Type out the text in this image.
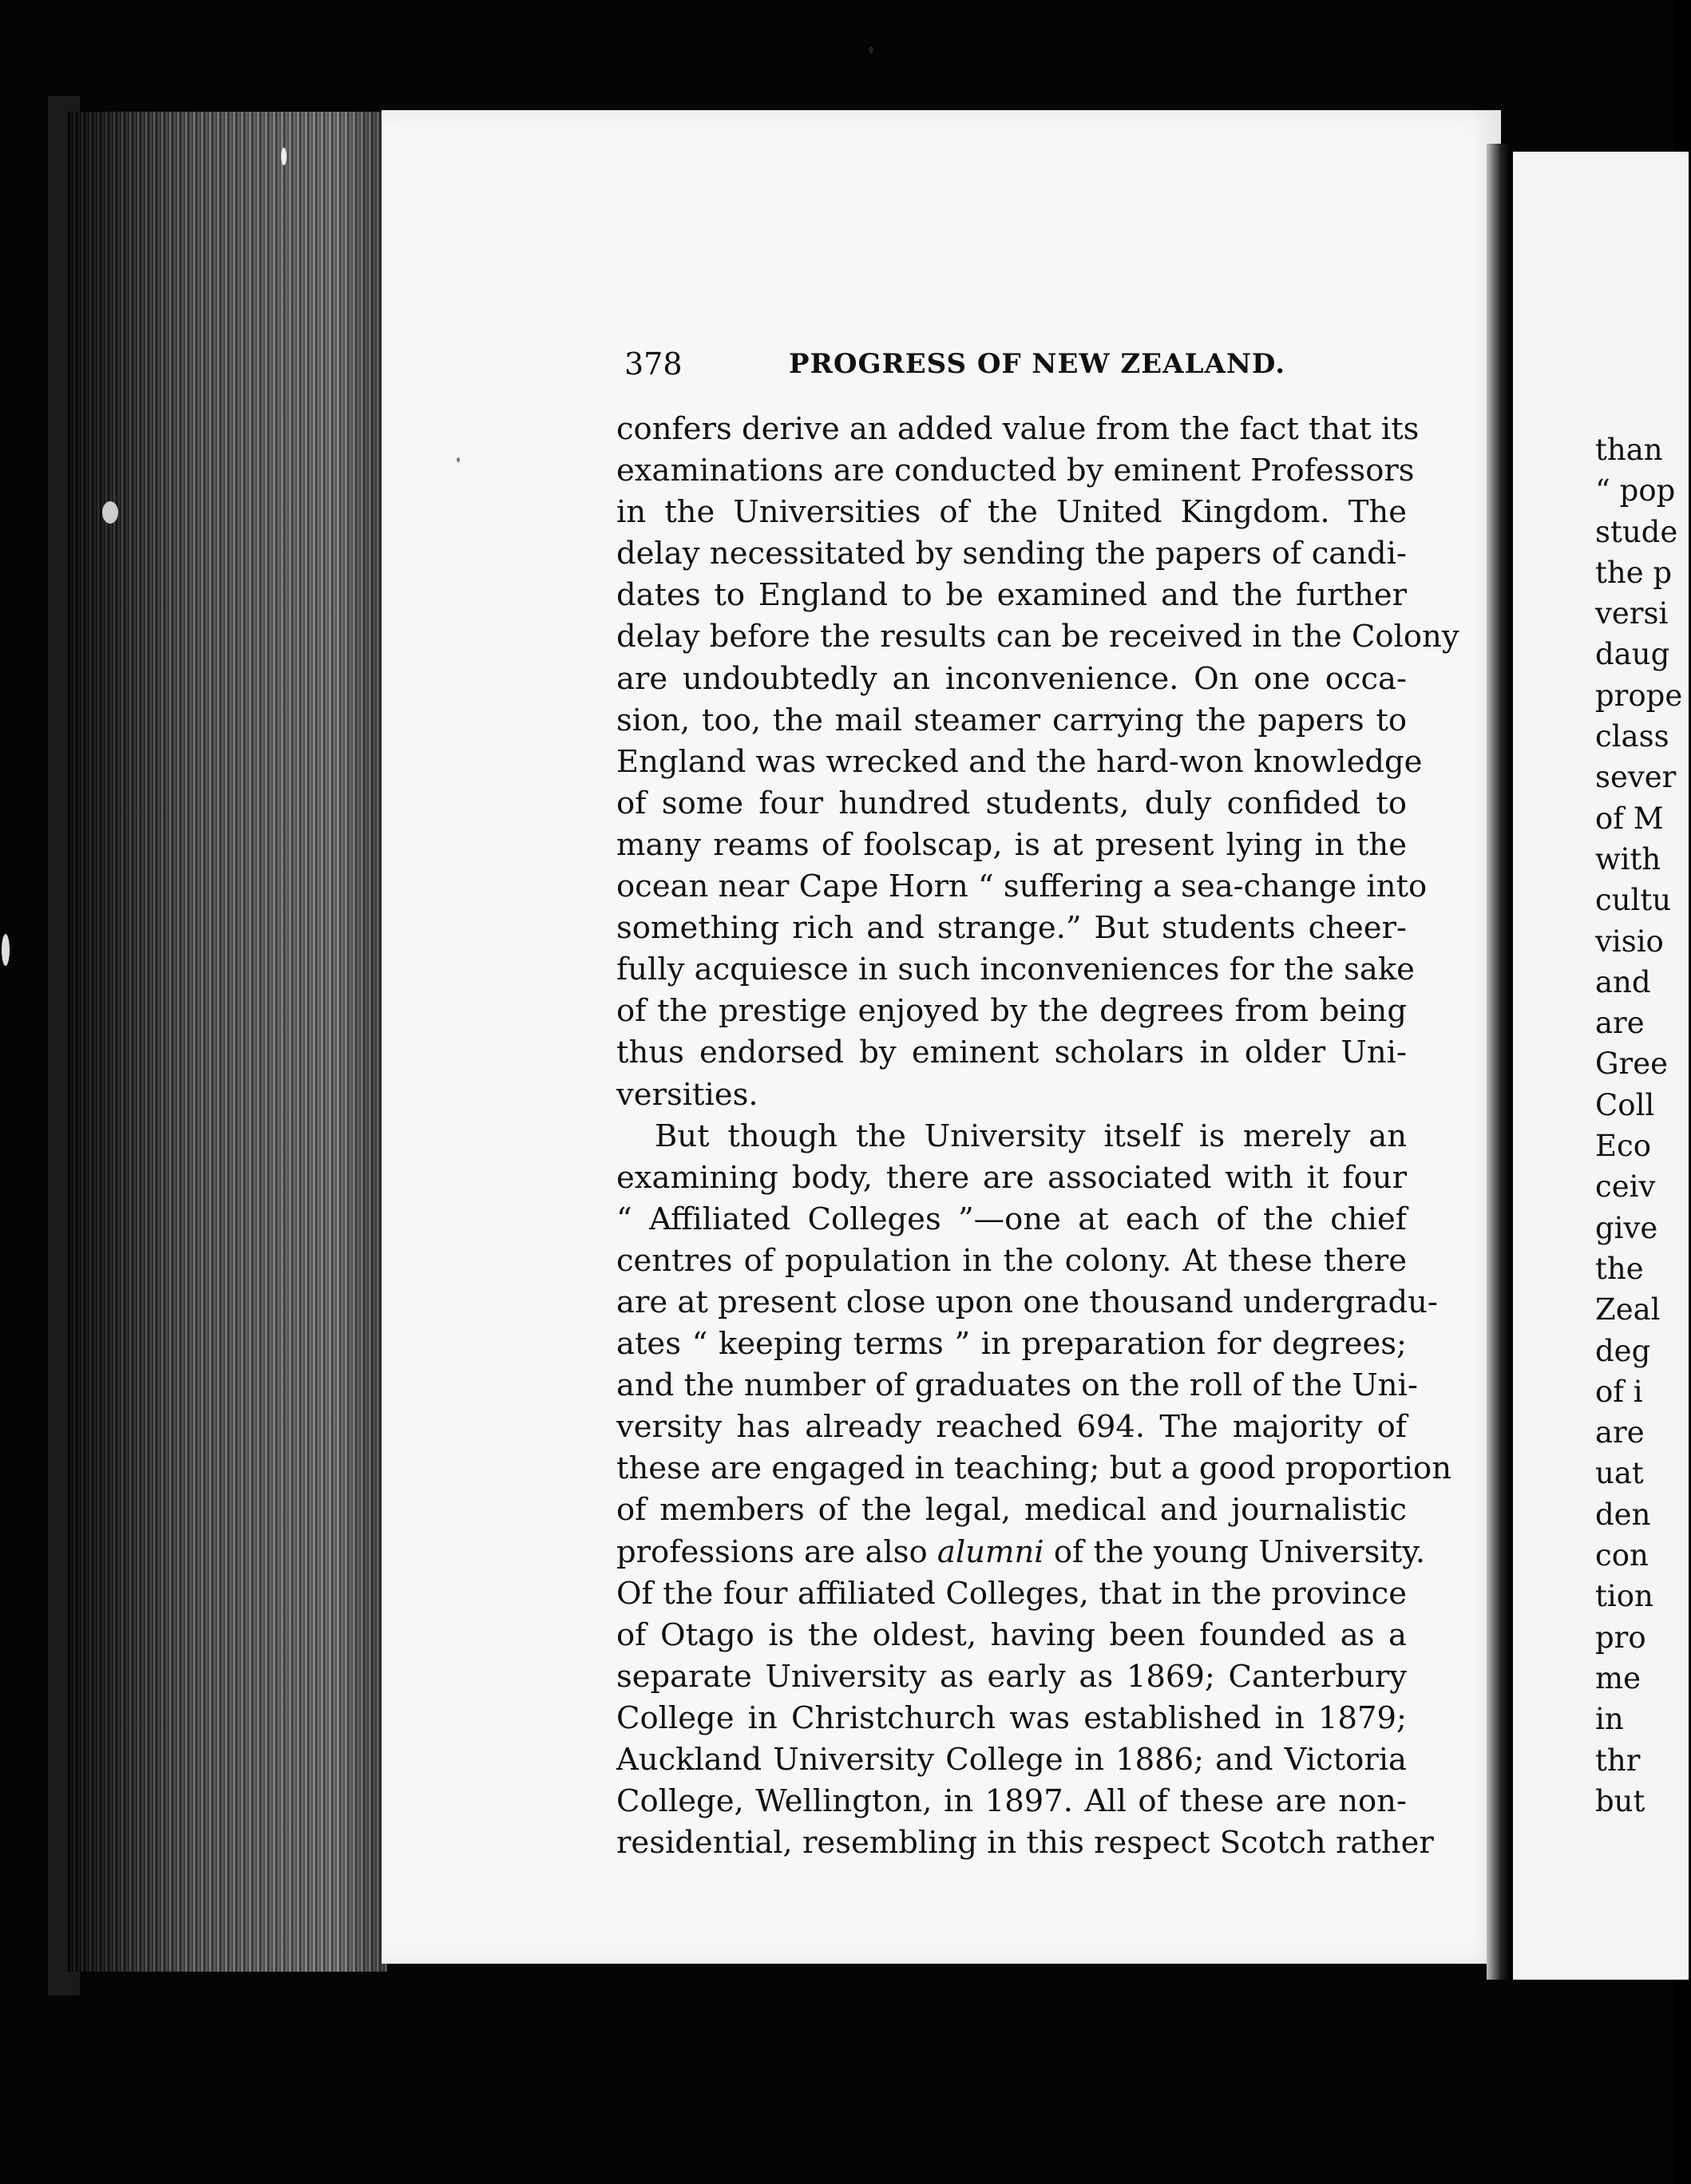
378	PROGRESS OF NEW ZEALAND.
confers derive an added value from the fact that its
examinations are conducted by eminent Professors
in the Universities of the United Kingdom. The
delay necessitated by sending the papers of candi-
dates to England to be examined and the further
delay before the results can be received in the Colony
are undoubtedly an inconvenience. On one occa-
sion, too, the mail steamer carrying the papers to
England was wrecked and the hard-won knowledge
of some four hundred students, duly confided to
many reams of foolscap, is at present lying in the
ocean near Cape Horn “ suffering a sea-change into
something rich and strange.” But students cheer-
fully acquiesce in such inconveniences for the sake
of the prestige enjoyed by the degrees from being
thus endorsed by eminent scholars in older Uni-
versities.
But though the University itself is merely an
examining body, there are associated with it four
“ Affiliated Colleges ”—one at each of the chief
centres of population in the colony. At these there
are at present close upon one thousand undergradu-
ates “ keeping terms ” in preparation for degrees;
and the number of graduates on the roll of the Uni-
versity has already reached 694. The majority of
these are engaged in teaching; but a good proportion
of members of the legal, medical and journalistic
professions are also alumni of the young University.
Of the four affiliated Colleges, that in the province
of Otago is the oldest, having been founded as a
separate University as early as 1869; Canterbury
College in Christchurch was established in 1879;
Auckland University College in 1886; and Victoria
College, Wellington, in 1897. All of these are non-
residential, resembling in this respect Scotch rather
than
“ pop
stude
the p
versi
daug
prope
class
sever
of M
with
cultu
visio
and
are
Gree
Coll
Eco
ceiv
give
the
Zeal
deg
of i
are
uat
den
con
tion
pro
me
in
thr
but
